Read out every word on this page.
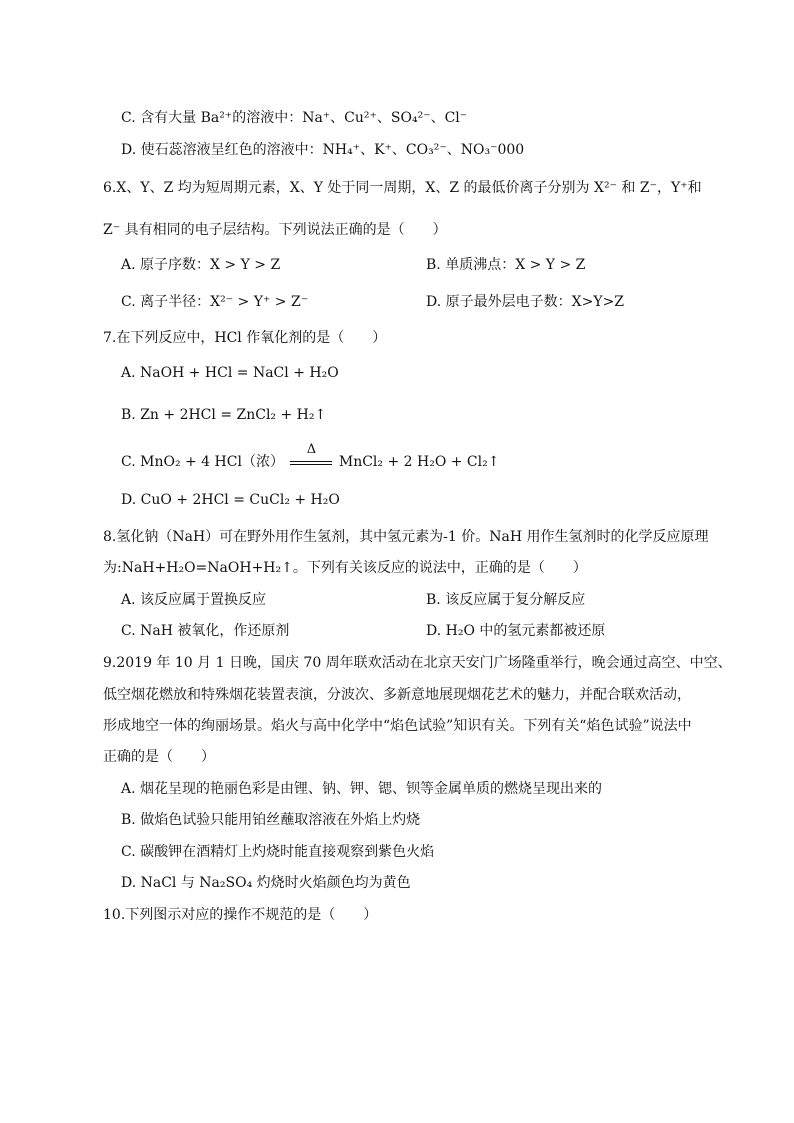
C. 含有大量 Ba²⁺的溶液中：Na⁺、Cu²⁺、SO₄²⁻、Cl⁻
D. 使石蕊溶液呈红色的溶液中：NH₄⁺、K⁺、CO₃²⁻、NO₃⁻000
6.X、Y、Z 均为短周期元素，X、Y 处于同一周期，X、Z 的最低价离子分别为 X²⁻ 和 Z⁻，Y⁺和
Z⁻ 具有相同的电子层结构。下列说法正确的是（　　）
A. 原子序数：X > Y > Z	B. 单质沸点：X > Y > Z
C. 离子半径：X²⁻ > Y⁺ > Z⁻	D. 原子最外层电子数：X>Y>Z
7.在下列反应中，HCl 作氧化剂的是（　　）
A. NaOH + HCl = NaCl + H₂O
B. Zn + 2HCl = ZnCl₂ + H₂↑
C. MnO₂ + 4 HCl（浓）
Δ
MnCl₂ + 2 H₂O + Cl₂↑
D. CuO + 2HCl = CuCl₂ + H₂O
8.氢化钠（NaH）可在野外用作生氢剂，其中氢元素为-1 价。NaH 用作生氢剂时的化学反应原理
为:NaH+H₂O=NaOH+H₂↑。下列有关该反应的说法中，正确的是（　　）
A. 该反应属于置换反应	B. 该反应属于复分解反应
C. NaH 被氧化，作还原剂	D. H₂O 中的氢元素都被还原
9.2019 年 10 月 1 日晚，国庆 70 周年联欢活动在北京天安门广场隆重举行，晚会通过高空、中空、
低空烟花燃放和特殊烟花装置表演，分波次、多新意地展现烟花艺术的魅力，并配合联欢活动，
形成地空一体的绚丽场景。焰火与高中化学中“焰色试验”知识有关。下列有关“焰色试验”说法中
正确的是（　　）
A. 烟花呈现的艳丽色彩是由锂、钠、钾、锶、钡等金属单质的燃烧呈现出来的
B. 做焰色试验只能用铂丝蘸取溶液在外焰上灼烧
C. 碳酸钾在酒精灯上灼烧时能直接观察到紫色火焰
D. NaCl 与 Na₂SO₄ 灼烧时火焰颜色均为黄色
10.下列图示对应的操作不规范的是（　　）
